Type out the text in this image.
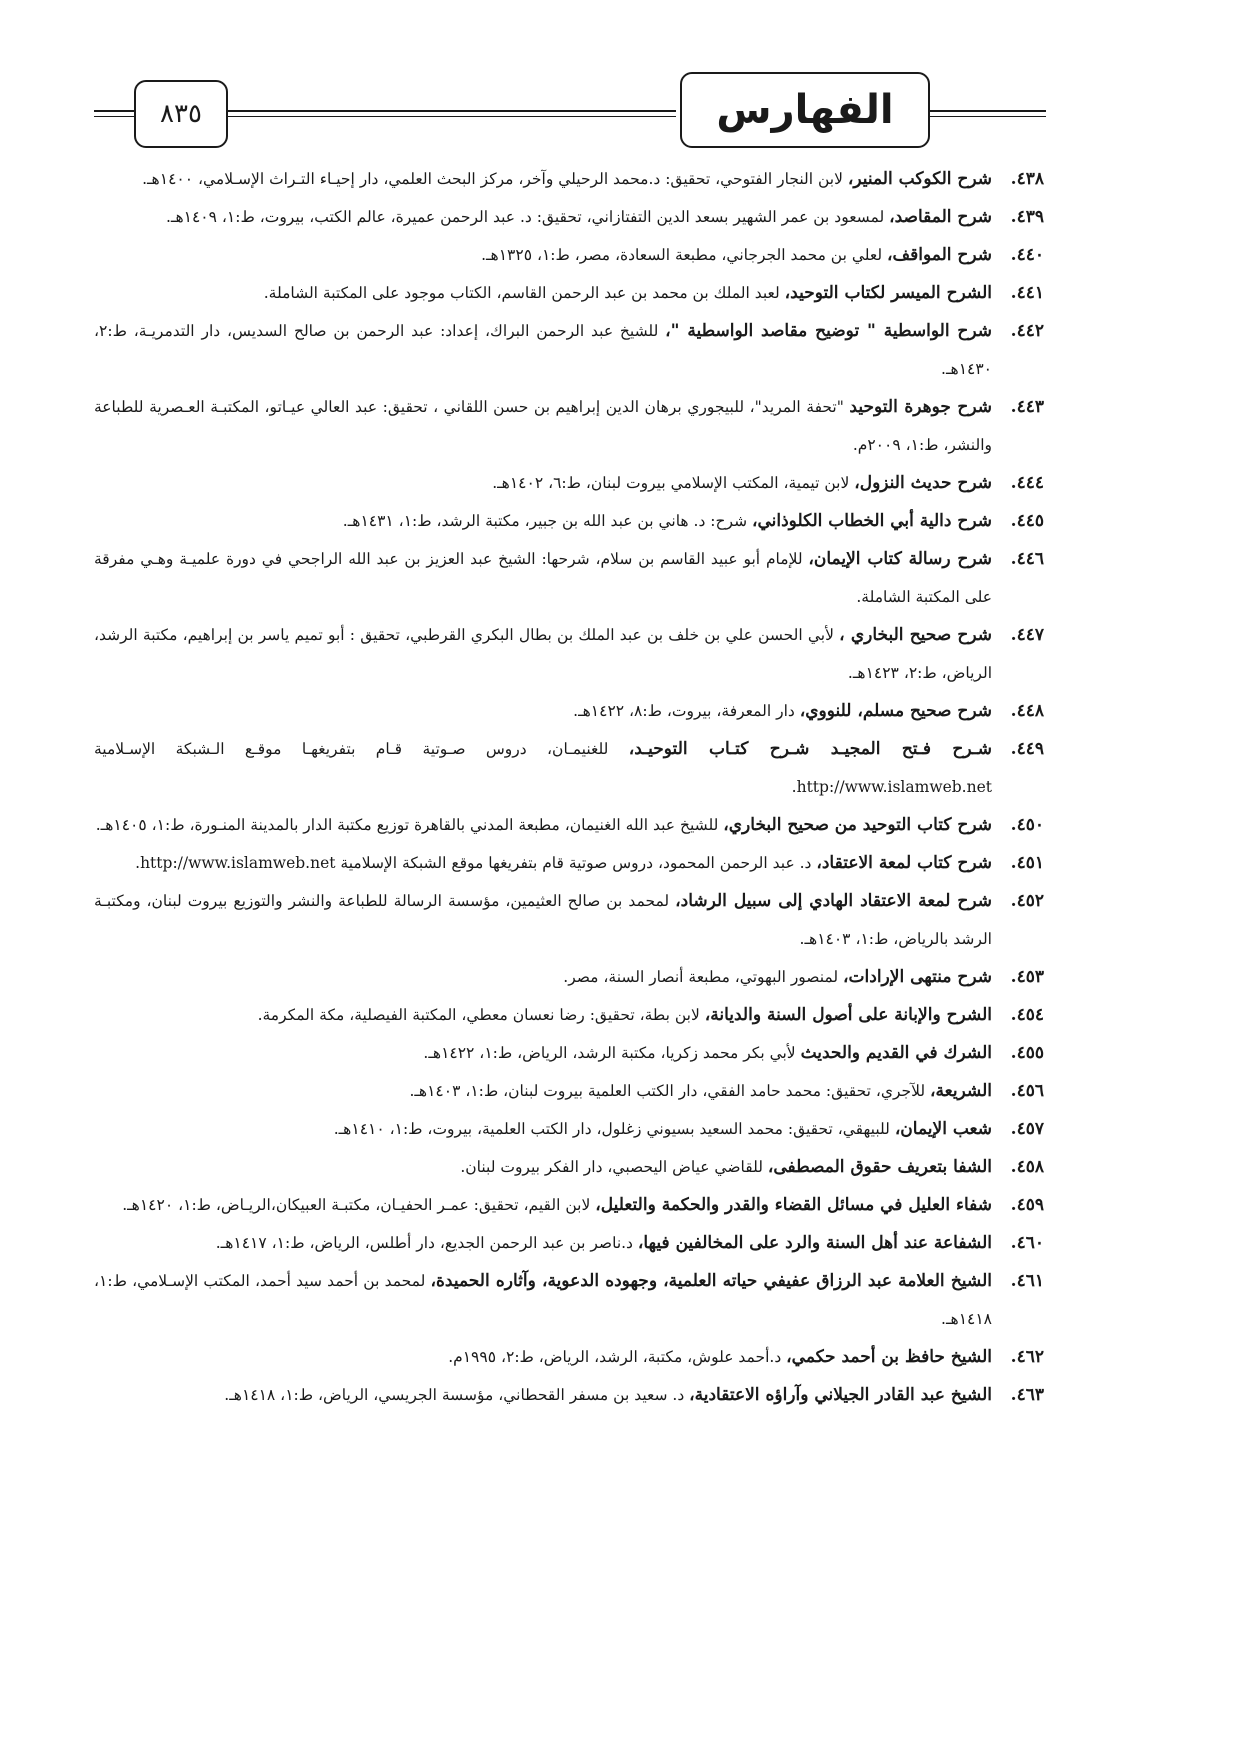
٨٣٥	الفهارس
٤٣٨.
شرح الكوكب المنير، لابن النجار الفتوحي، تحقيق: د.محمد الرحيلي وآخر، مركز البحث العلمي، دار إحيـاء التـراث الإسـلامي، ١٤٠٠هـ.
٤٣٩.
شرح المقاصد، لمسعود بن عمر الشهير بسعد الدين التفتازاني، تحقيق: د. عبد الرحمن عميرة، عالم الكتب، بيروت، ط:١، ١٤٠٩هـ.
٤٤٠.
شرح المواقف، لعلي بن محمد الجرجاني، مطبعة السعادة، مصر، ط:١، ١٣٢٥هـ.
٤٤١.
الشرح الميسر لكتاب التوحيد، لعبد الملك بن محمد بن عبد الرحمن القاسم، الكتاب موجود على المكتبة الشاملة.
٤٤٢.
شرح الواسطية " توضيح مقاصد الواسطية "، للشيخ عبد الرحمن البراك، إعداد: عبد الرحمن بن صالح السديس، دار التدمريـة، ط:٢، ١٤٣٠هـ.
٤٤٣.
شرح جوهرة التوحيد "تحفة المريد"، للبيجوري برهان الدين إبراهيم بن حسن اللقاني ، تحقيق: عبد العالي عيـاتو، المكتبـة العـصرية للطباعة والنشر، ط:١، ٢٠٠٩م.
٤٤٤.
شرح حديث النزول، لابن تيمية، المكتب الإسلامي بيروت لبنان، ط:٦، ١٤٠٢هـ.
٤٤٥.
شرح دالية أبي الخطاب الكلوذاني، شرح: د. هاني بن عبد الله بن جبير، مكتبة الرشد، ط:١، ١٤٣١هـ.
٤٤٦.
شرح رسالة كتاب الإيمان، للإمام أبو عبيد القاسم بن سلام، شرحها: الشيخ عبد العزيز بن عبد الله الراجحي في دورة علميـة وهـي مفرقة على المكتبة الشاملة.
٤٤٧.
شرح صحيح البخاري ، لأبي الحسن علي بن خلف بن عبد الملك بن بطال البكري القرطبي، تحقيق : أبو تميم ياسر بن إبراهيم، مكتبة الرشد، الرياض، ط:٢، ١٤٢٣هـ.
٤٤٨.
شرح صحيح مسلم، للنووي، دار المعرفة، بيروت، ط:٨، ١٤٢٢هـ.
٤٤٩.
شـرح فـتح المجيـد شـرح كتـاب التوحيـد، للغنيمـان، دروس صـوتية قـام بتفريغهـا موقـع الـشبكة الإسـلامية http://www.islamweb.net.
٤٥٠.
شرح كتاب التوحيد من صحيح البخاري، للشيخ عبد الله الغنيمان، مطبعة المدني بالقاهرة توزيع مكتبة الدار بالمدينة المنـورة، ط:١، ١٤٠٥هـ.
٤٥١.
شرح كتاب لمعة الاعتقاد، د. عبد الرحمن المحمود، دروس صوتية قام بتفريغها موقع الشبكة الإسلامية http://www.islamweb.net.
٤٥٢.
شرح لمعة الاعتقاد الهادي إلى سبيل الرشاد، لمحمد بن صالح العثيمين، مؤسسة الرسالة للطباعة والنشر والتوزيع بيروت لبنان، ومكتبـة الرشد بالرياض، ط:١، ١٤٠٣هـ.
٤٥٣.
شرح منتهى الإرادات، لمنصور البهوتي، مطبعة أنصار السنة، مصر.
٤٥٤.
الشرح والإبانة على أصول السنة والديانة، لابن بطة، تحقيق: رضا نعسان معطي، المكتبة الفيصلية، مكة المكرمة.
٤٥٥.
الشرك في القديم والحديث لأبي بكر محمد زكريا، مكتبة الرشد، الرياض، ط:١، ١٤٢٢هـ.
٤٥٦.
الشريعة، للآجري، تحقيق: محمد حامد الفقي، دار الكتب العلمية بيروت لبنان، ط:١، ١٤٠٣هـ.
٤٥٧.
شعب الإيمان، للبيهقي، تحقيق: محمد السعيد بسيوني زغلول، دار الكتب العلمية، بيروت، ط:١، ١٤١٠هـ.
٤٥٨.
الشفا بتعريف حقوق المصطفى، للقاضي عياض اليحصبي، دار الفكر بيروت لبنان.
٤٥٩.
شفاء العليل في مسائل القضاء والقدر والحكمة والتعليل، لابن القيم، تحقيق: عمـر الحفيـان، مكتبـة العبيكان،الريـاض، ط:١، ١٤٢٠هـ.
٤٦٠.
الشفاعة عند أهل السنة والرد على المخالفين فيها، د.ناصر بن عبد الرحمن الجديع، دار أطلس، الرياض، ط:١، ١٤١٧هـ.
٤٦١.
الشيخ العلامة عبد الرزاق عفيفي حياته العلمية، وجهوده الدعوية، وآثاره الحميدة، لمحمد بن أحمد سيد أحمد، المكتب الإسـلامي، ط:١، ١٤١٨هـ.
٤٦٢.
الشيخ حافظ بن أحمد حكمي، د.أحمد علوش، مكتبة، الرشد، الرياض، ط:٢، ١٩٩٥م.
٤٦٣.
الشيخ عبد القادر الجيلاني وآراؤه الاعتقادية، د. سعيد بن مسفر القحطاني، مؤسسة الجريسي، الرياض، ط:١، ١٤١٨هـ.
